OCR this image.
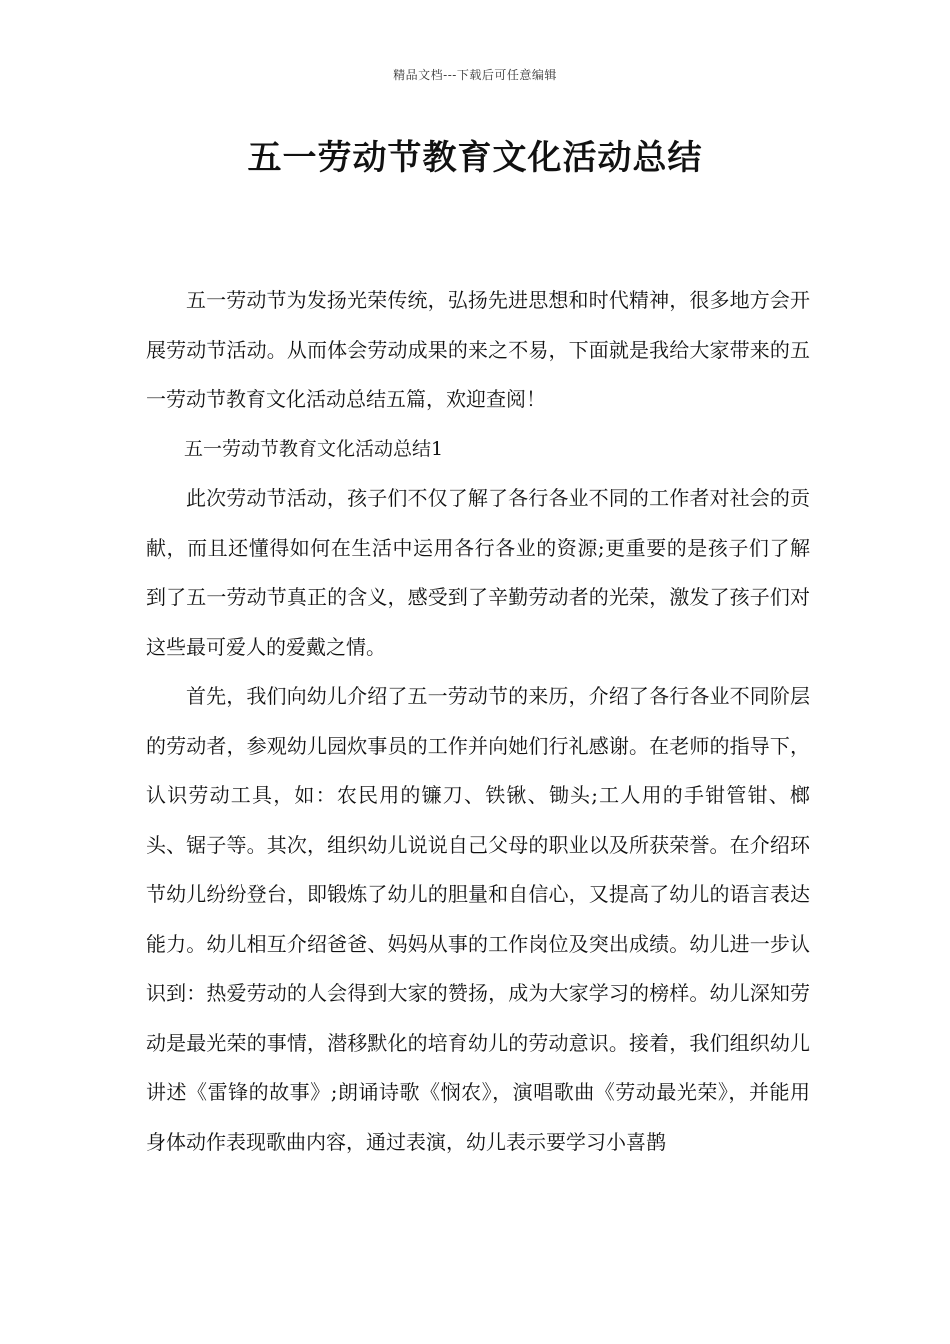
精品文档---下载后可任意编辑
五一劳动节教育文化活动总结

五一劳动节为发扬光荣传统，弘扬先进思想和时代精神，很多地方会开展劳动节活动。从而体会劳动成果的来之不易，下面就是我给大家带来的五一劳动节教育文化活动总结五篇，欢迎查阅！

五一劳动节教育文化活动总结1

此次劳动节活动，孩子们不仅了解了各行各业不同的工作者对社会的贡献，而且还懂得如何在生活中运用各行各业的资源;更重要的是孩子们了解到了五一劳动节真正的含义，感受到了辛勤劳动者的光荣，激发了孩子们对这些最可爱人的爱戴之情。

首先，我们向幼儿介绍了五一劳动节的来历，介绍了各行各业不同阶层的劳动者，参观幼儿园炊事员的工作并向她们行礼感谢。在老师的指导下，认识劳动工具，如：农民用的镰刀、铁锹、锄头;工人用的手钳管钳、榔头、锯子等。其次，组织幼儿说说自己父母的职业以及所获荣誉。在介绍环节幼儿纷纷登台，即锻炼了幼儿的胆量和自信心，又提高了幼儿的语言表达能力。幼儿相互介绍爸爸、妈妈从事的工作岗位及突出成绩。幼儿进一步认识到：热爱劳动的人会得到大家的赞扬，成为大家学习的榜样。幼儿深知劳动是最光荣的事情，潜移默化的培育幼儿的劳动意识。接着，我们组织幼儿讲述《雷锋的故事》;朗诵诗歌《悯农》，演唱歌曲《劳动最光荣》，并能用身体动作表现歌曲内容，通过表演，幼儿表示要学习小喜鹊
